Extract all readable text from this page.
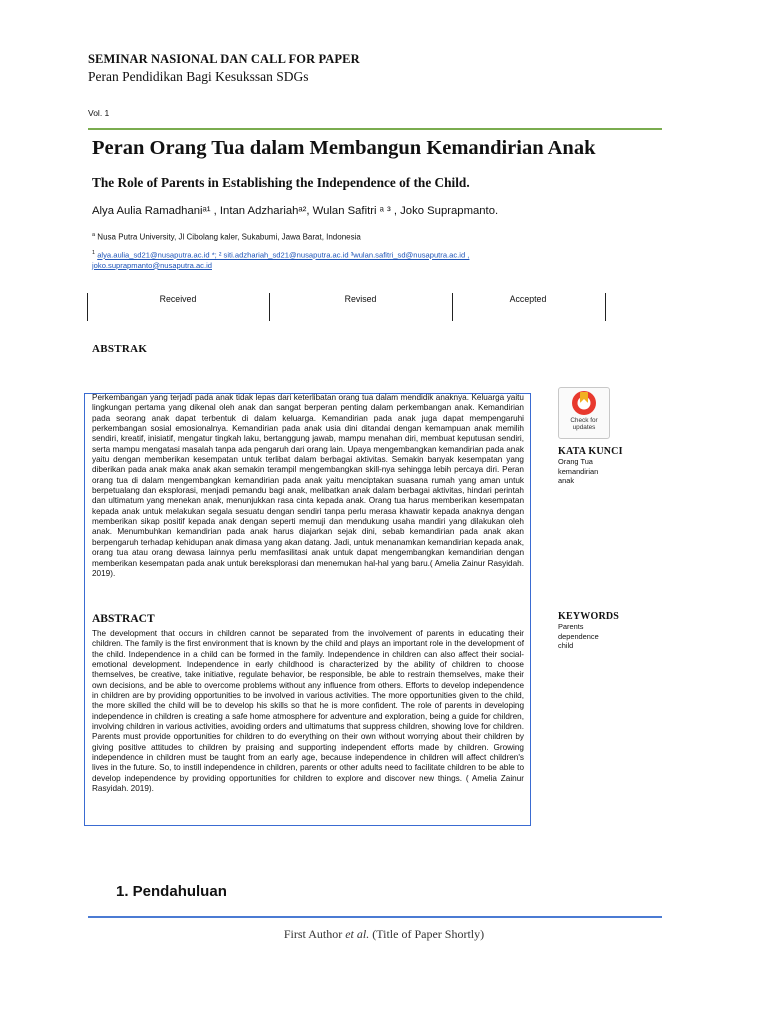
SEMINAR NASIONAL DAN CALL FOR PAPER
Peran Pendidikan Bagi Kesukssan SDGs
Vol. 1
Peran Orang Tua dalam Membangun Kemandirian Anak
The Role of Parents in Establishing the Independence of the Child.
Alya Aulia Ramadhaniᵃ¹ , Intan Adzhariahᵃ², Wulan Safitri ᵃ ³ , Joko Suprapmanto.
$^a$ Nusa Putra University, Jl Cibolang kaler, Sukabumi, Jawa Barat, Indonesia
$^1$ alya.aulia_sd21@nusaputra.ac.id *; ² siti.adzhariah_sd21@nusaputra.ac.id ³wulan.safitri_sd@nusaputra.ac.id ,
joko.suprapmanto@nusaputra.ac.id
Received	Revised	Accepted
ABSTRAK
Perkembangan yang terjadi pada anak tidak lepas dari keterlibatan orang tua dalam mendidik anaknya. Keluarga yaitu lingkungan pertama yang dikenal oleh anak dan sangat berperan penting dalam perkembangan anak. Kemandirian pada seorang anak dapat terbentuk di dalam keluarga. Kemandirian pada anak juga dapat mempengaruhi perkembangan sosial emosionalnya. Kemandirian pada anak usia dini ditandai dengan kemampuan anak memilih sendiri, kreatif, inisiatif, mengatur tingkah laku, bertanggung jawab, mampu menahan diri, membuat keputusan sendiri, serta mampu mengatasi masalah tanpa ada pengaruh dari orang lain. Upaya mengembangkan kemandirian pada anak yaitu dengan memberikan kesempatan untuk terlibat dalam berbagai aktivitas. Semakin banyak kesempatan yang diberikan pada anak maka anak akan semakin terampil mengembangkan skill-nya sehingga lebih percaya diri. Peran orang tua di dalam mengembangkan kemandirian pada anak yaitu menciptakan suasana rumah yang aman untuk berpetualang dan eksplorasi, menjadi pemandu bagi anak, melibatkan anak dalam berbagai aktivitas, hindari perintah dan ultimatum yang menekan anak, menunjukkan rasa cinta kepada anak. Orang tua harus memberikan kesempatan kepada anak untuk melakukan segala sesuatu dengan sendiri tanpa perlu merasa khawatir kepada anaknya dengan memberikan sikap positif kepada anak dengan seperti memuji dan mendukung usaha mandiri yang dilakukan oleh anak. Menumbuhkan kemandirian pada anak harus diajarkan sejak dini, sebab kemandirian pada anak akan berpengaruh terhadap kehidupan anak dimasa yang akan datang. Jadi, untuk menanamkan kemandirian kepada anak, orang tua atau orang dewasa lainnya perlu memfasilitasi anak untuk dapat mengembangkan kemandirian dengan memberikan kesempatan pada anak untuk bereksplorasi dan menemukan hal-hal yang baru.( Amelia Zainur Rasyidah. 2019).
ABSTRACT
The development that occurs in children cannot be separated from the involvement of parents in educating their children. The family is the first environment that is known by the child and plays an important role in the development of the child. Independence in a child can be formed in the family. Independence in children can also affect their social-emotional development. Independence in early childhood is characterized by the ability of children to choose themselves, be creative, take initiative, regulate behavior, be responsible, be able to restrain themselves, make their own decisions, and be able to overcome problems without any influence from others. Efforts to develop independence in children are by providing opportunities to be involved in various activities. The more opportunities given to the child, the more skilled the child will be to develop his skills so that he is more confident. The role of parents in developing independence in children is creating a safe home atmosphere for adventure and exploration, being a guide for children, involving children in various activities, avoiding orders and ultimatums that suppress children, showing love for children. Parents must provide opportunities for children to do everything on their own without worrying about their children by giving positive attitudes to children by praising and supporting independent efforts made by children. Growing independence in children must be taught from an early age, because independence in children will affect children's lives in the future. So, to instill independence in children, parents or other adults need to facilitate children to be able to develop independence by providing opportunities for children to explore and discover new things. ( Amelia Zainur Rasyidah. 2019).
Check for
updates
KATA KUNCI
Orang Tua
kemandirian
anak
KEYWORDS
Parents
dependence
child
1. Pendahuluan
First Author et al. (Title of Paper Shortly)
